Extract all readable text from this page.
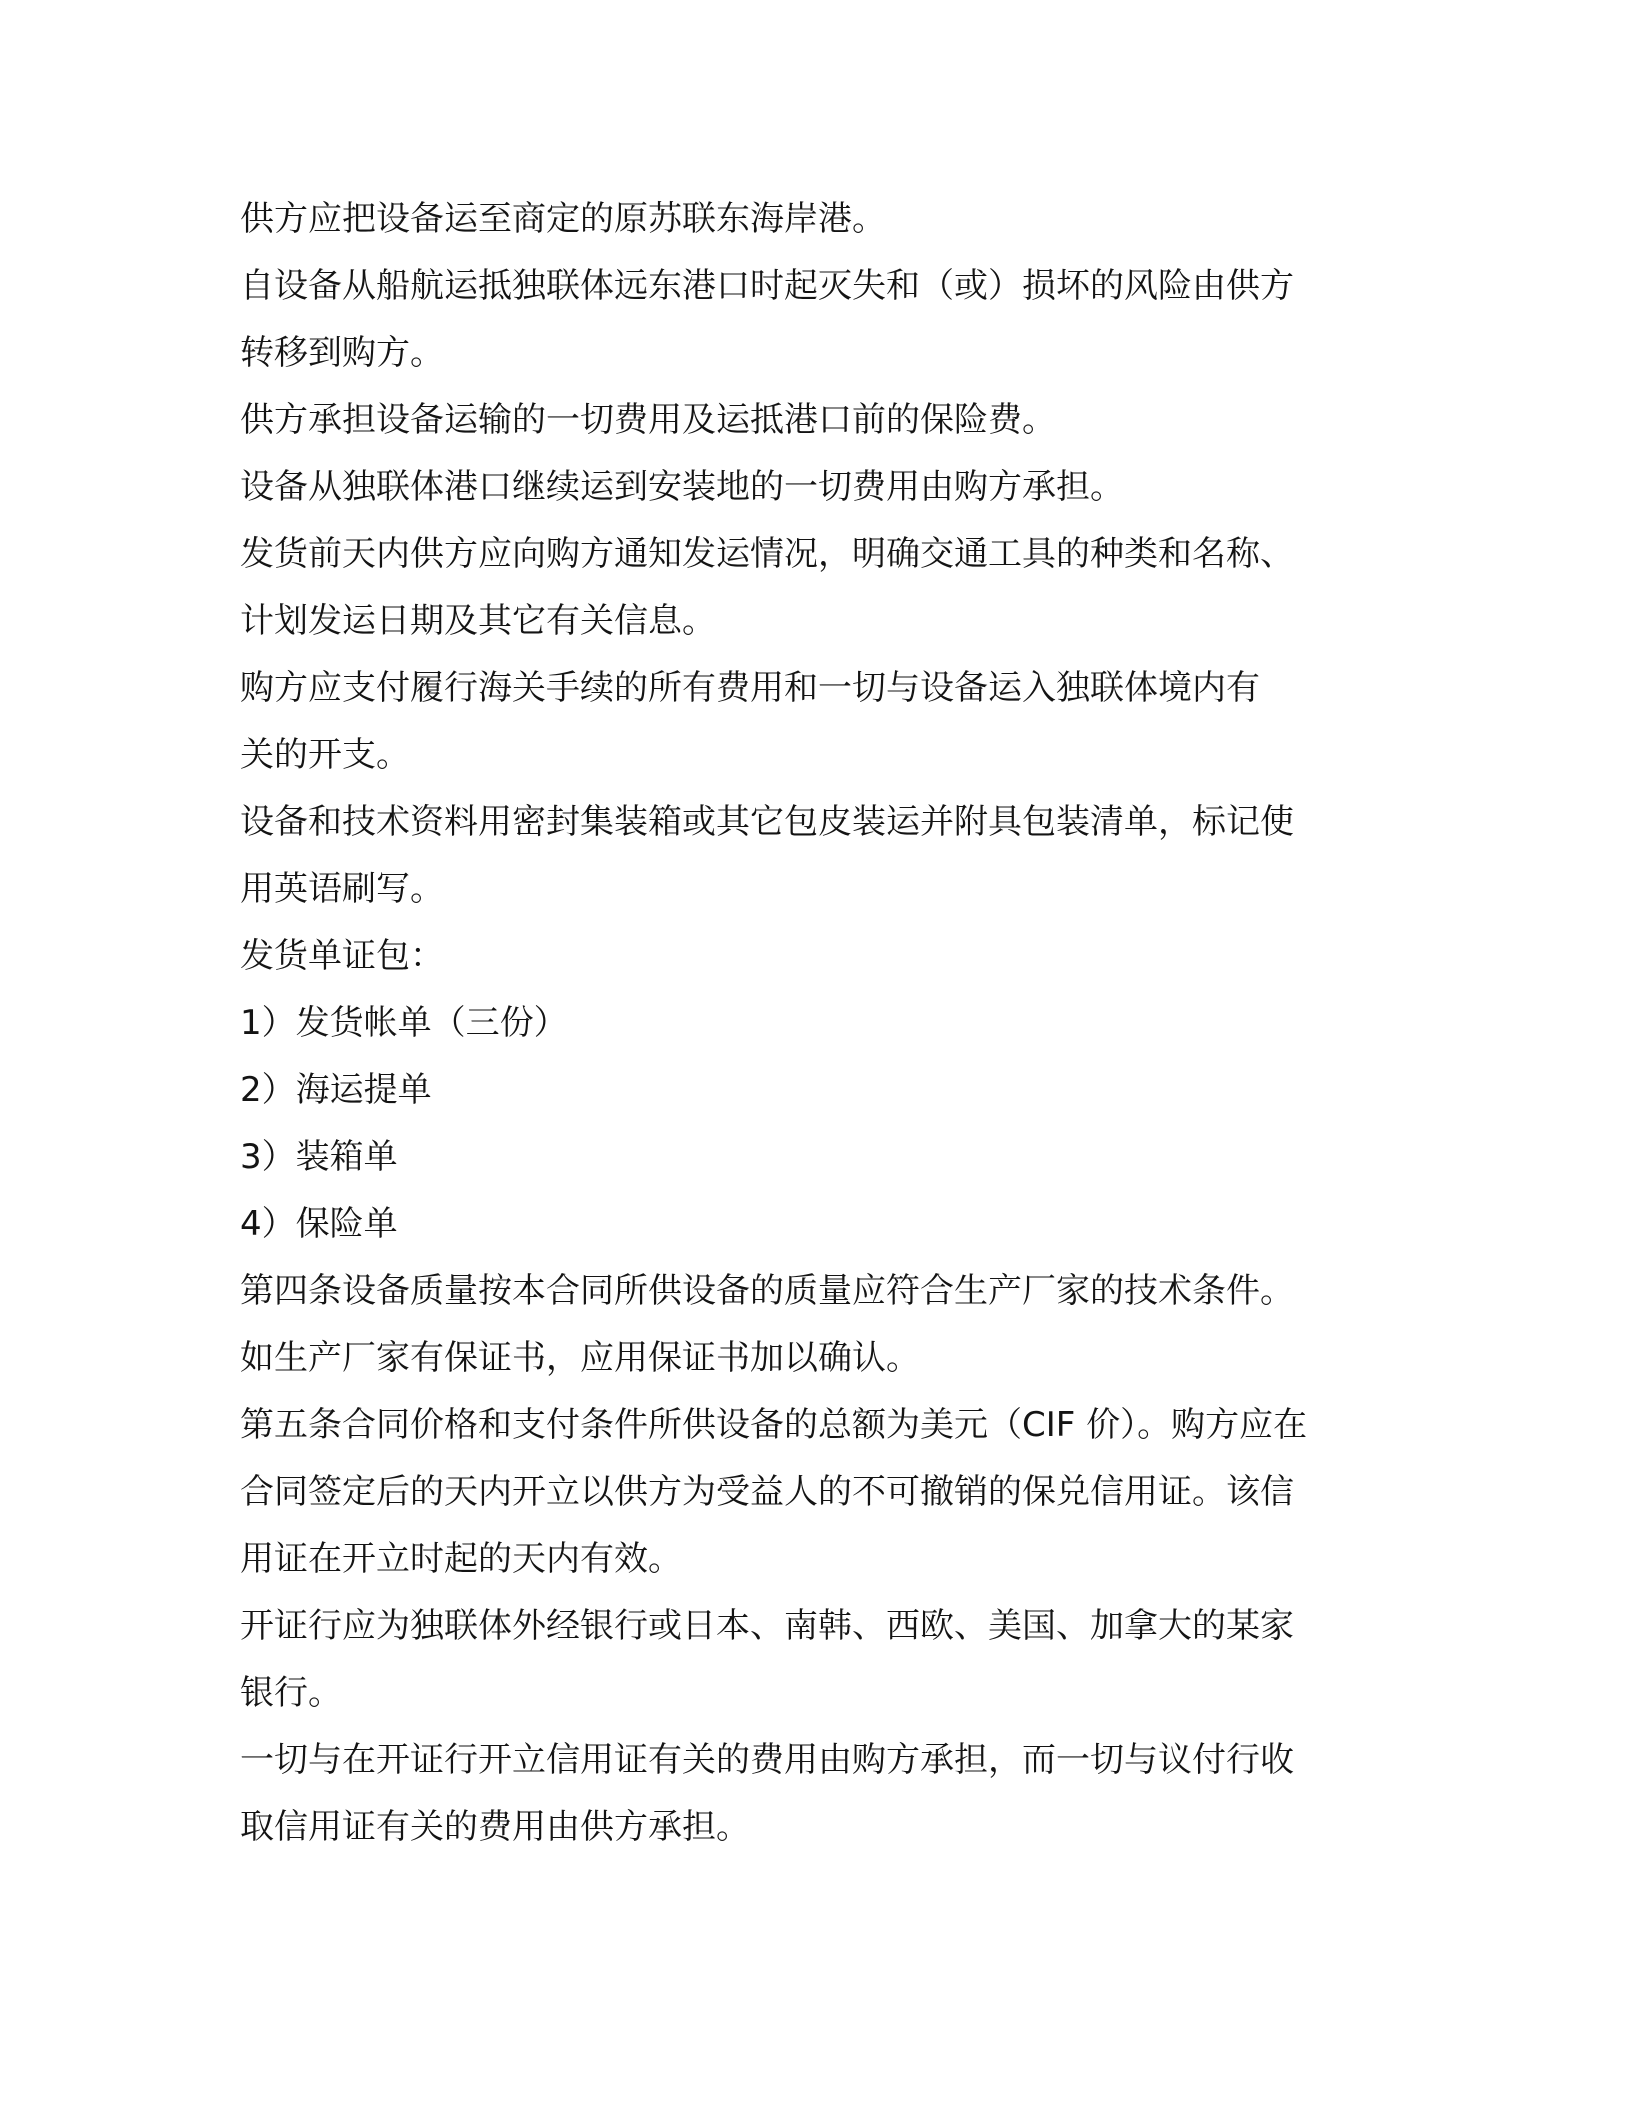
供方应把设备运至商定的原苏联东海岸港。
自设备从船航运抵独联体远东港口时起灭失和（或）损坏的风险由供方
转移到购方。
供方承担设备运输的一切费用及运抵港口前的保险费。
设备从独联体港口继续运到安装地的一切费用由购方承担。
发货前天内供方应向购方通知发运情况，明确交通工具的种类和名称、
计划发运日期及其它有关信息。
购方应支付履行海关手续的所有费用和一切与设备运入独联体境内有
关的开支。
设备和技术资料用密封集装箱或其它包皮装运并附具包装清单，标记使
用英语刷写。
发货单证包：
1）发货帐单（三份）
2）海运提单
3）装箱单
4）保险单
第四条设备质量按本合同所供设备的质量应符合生产厂家的技术条件。
如生产厂家有保证书，应用保证书加以确认。
第五条合同价格和支付条件所供设备的总额为美元（CIF 价）。购方应在
合同签定后的天内开立以供方为受益人的不可撤销的保兑信用证。该信
用证在开立时起的天内有效。
开证行应为独联体外经银行或日本、南韩、西欧、美国、加拿大的某家
银行。
一切与在开证行开立信用证有关的费用由购方承担，而一切与议付行收
取信用证有关的费用由供方承担。
